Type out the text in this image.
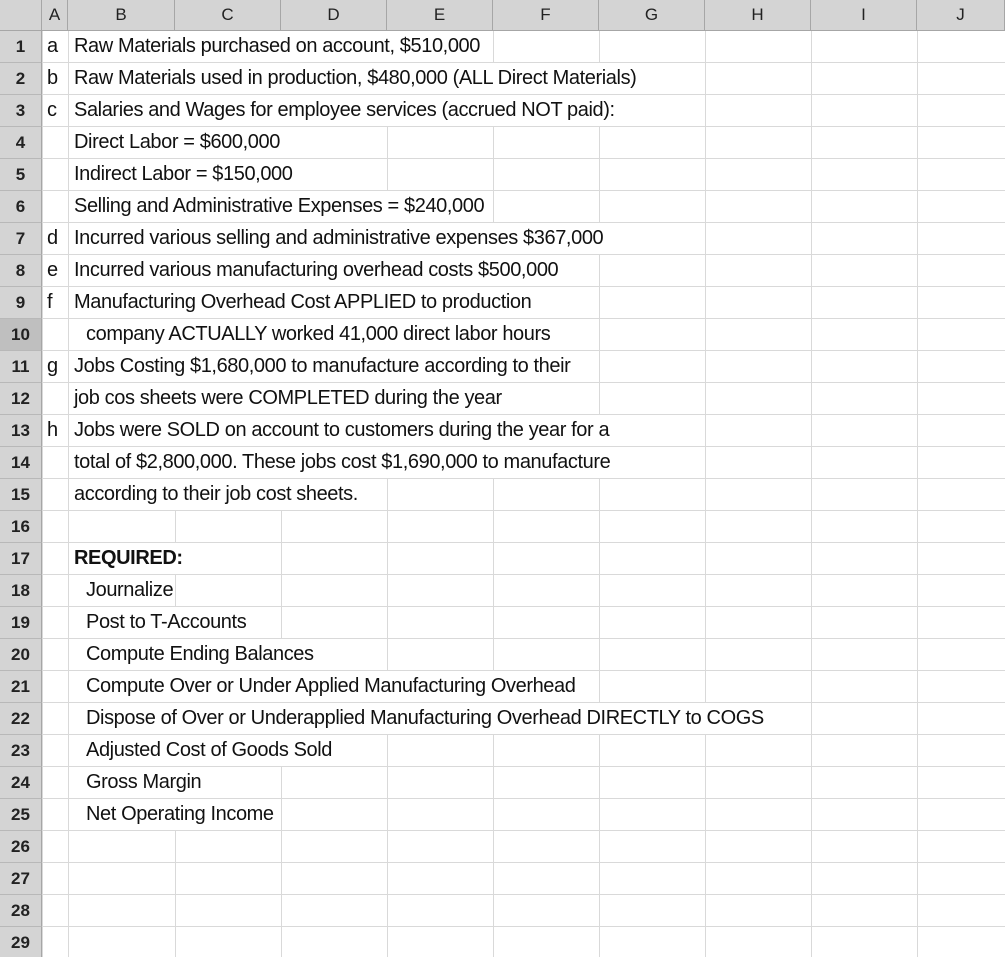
A	B	C	D	E	F	G	H	I	J
1
2
3
4
5
6
7
8
9
10
11
12
13
14
15
16
17
18
19
20
21
22
23
24
25
26
27
28
29
a Raw Materials purchased on account, $510,000
b Raw Materials used in production, $480,000 (ALL Direct Materials)
c Salaries and Wages for employee services (accrued NOT paid):
Direct Labor = $600,000
Indirect Labor = $150,000
Selling and Administrative Expenses = $240,000
d Incurred various selling and administrative expenses $367,000
e Incurred various manufacturing overhead costs $500,000
f Manufacturing Overhead Cost APPLIED to production
company ACTUALLY worked 41,000 direct labor hours
g Jobs Costing $1,680,000 to manufacture according to their
job cos sheets were COMPLETED during the year
h Jobs were SOLD on account to customers during the year for a
total of $2,800,000. These jobs cost $1,690,000 to manufacture
according to their job cost sheets.
REQUIRED:
Journalize
Post to T-Accounts
Compute Ending Balances
Compute Over or Under Applied Manufacturing Overhead
Dispose of Over or Underapplied Manufacturing Overhead DIRECTLY to COGS
Adjusted Cost of Goods Sold
Gross Margin
Net Operating Income
